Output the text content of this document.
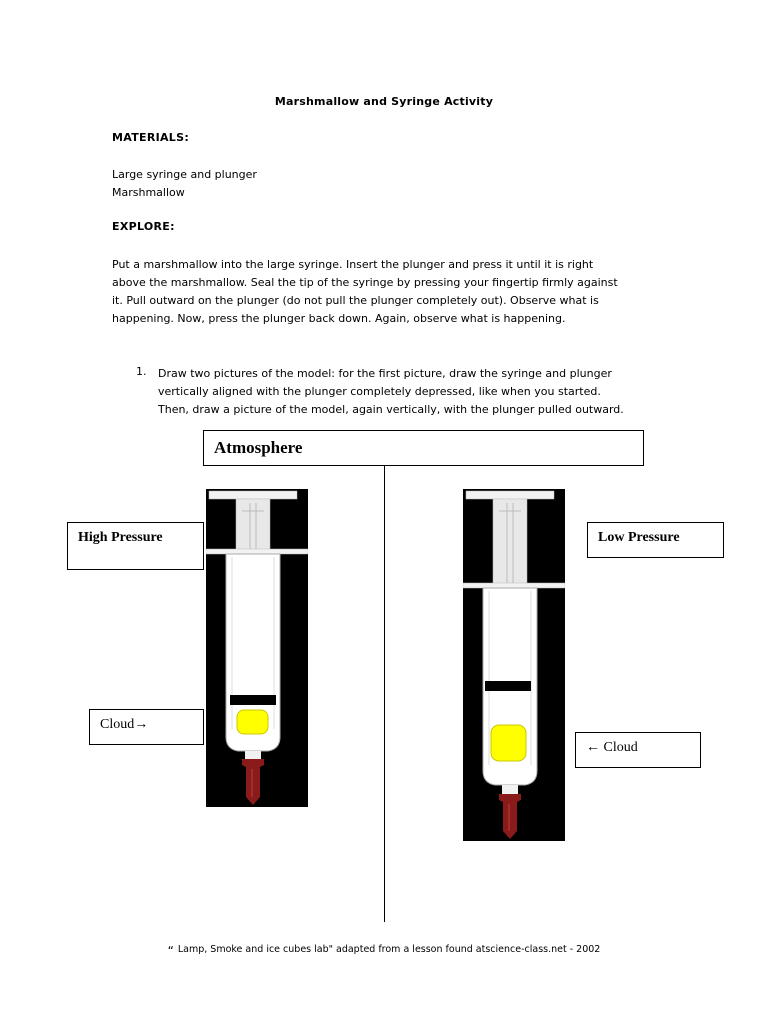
Marshmallow and Syringe Activity
MATERIALS:
Large syringe and plunger
Marshmallow
EXPLORE:
Put a marshmallow into the large syringe. Insert the plunger and press it until it is right
above the marshmallow. Seal the tip of the syringe by pressing your fingertip firmly against
it. Pull outward on the plunger (do not pull the plunger completely out). Observe what is
happening. Now, press the plunger back down. Again, observe what is happening.
1. Draw two pictures of the model: for the first picture, draw the syringe and plunger
vertically aligned with the plunger completely depressed, like when you started.
Then, draw a picture of the model, again vertically, with the plunger pulled outward.
Atmosphere
High Pressure	Low Pressure
Cloud→
← Cloud
“ Lamp, Smoke and ice cubes lab" adapted from a lesson found atscience-class.net - 2002
